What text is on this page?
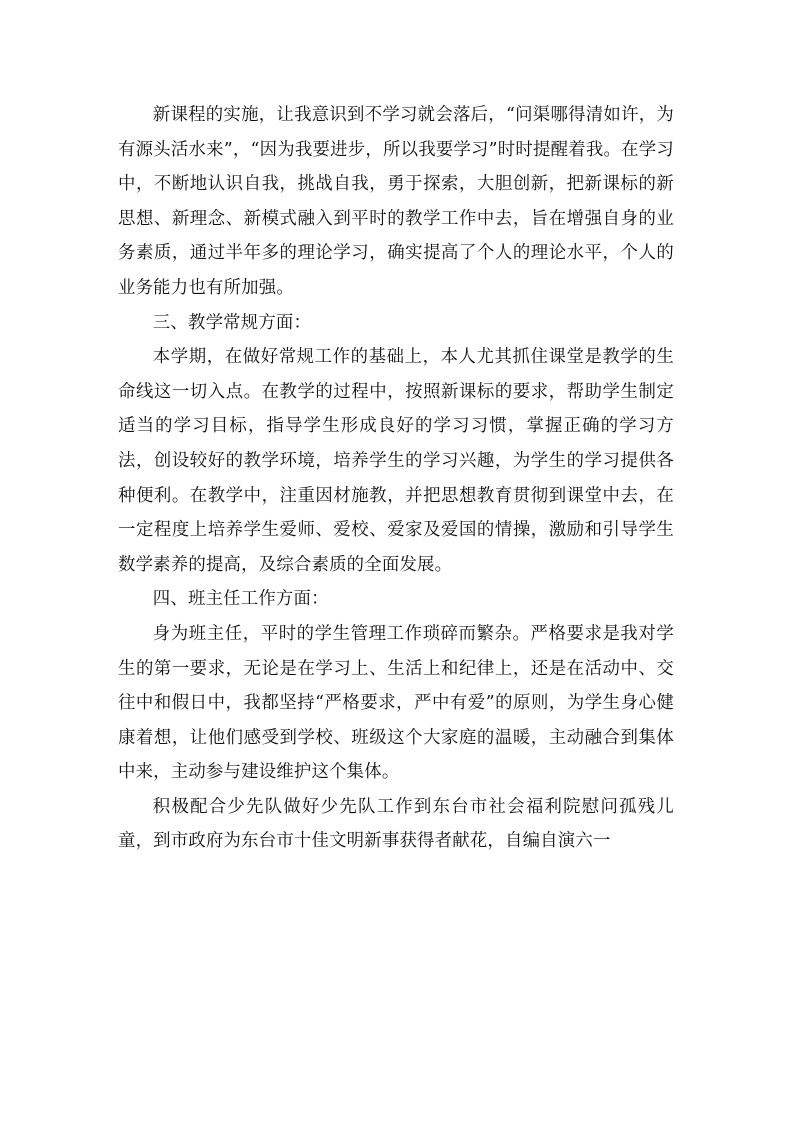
新课程的实施，让我意识到不学习就会落后，“问渠哪得清如许，为有源头活水来”，“因为我要进步，所以我要学习”时时提醒着我。在学习中，不断地认识自我，挑战自我，勇于探索，大胆创新，把新课标的新思想、新理念、新模式融入到平时的教学工作中去，旨在增强自身的业务素质，通过半年多的理论学习，确实提高了个人的理论水平，个人的业务能力也有所加强。

三、教学常规方面：

本学期，在做好常规工作的基础上，本人尤其抓住课堂是教学的生命线这一切入点。在教学的过程中，按照新课标的要求，帮助学生制定适当的学习目标，指导学生形成良好的学习习惯，掌握正确的学习方法，创设较好的教学环境，培养学生的学习兴趣，为学生的学习提供各种便利。在教学中，注重因材施教，并把思想教育贯彻到课堂中去，在一定程度上培养学生爱师、爱校、爱家及爱国的情操，激励和引导学生数学素养的提高，及综合素质的全面发展。

四、班主任工作方面：

身为班主任，平时的学生管理工作琐碎而繁杂。严格要求是我对学生的第一要求，无论是在学习上、生活上和纪律上，还是在活动中、交往中和假日中，我都坚持“严格要求，严中有爱”的原则，为学生身心健康着想，让他们感受到学校、班级这个大家庭的温暖，主动融合到集体中来，主动参与建设维护这个集体。

积极配合少先队做好少先队工作到东台市社会福利院慰问孤残儿童，到市政府为东台市十佳文明新事获得者献花，自编自演六一
